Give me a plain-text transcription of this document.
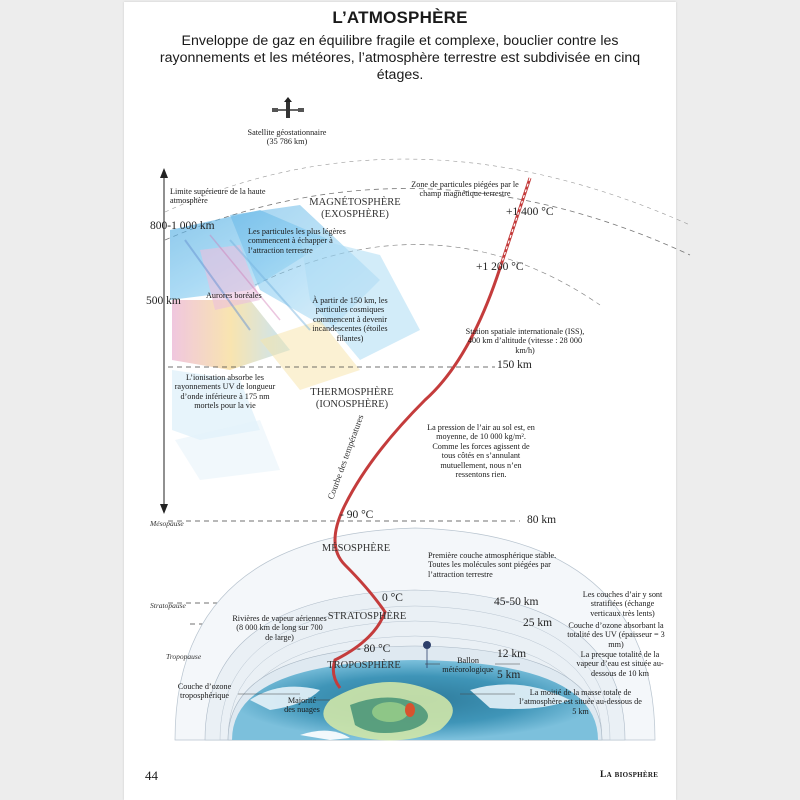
L’ATMOSPHÈRE
Enveloppe de gaz en équilibre fragile et complexe, bouclier contre les rayonnements et les météores, l’atmosphère terrestre est subdivisée en cinq étages.
Courbe des températures
Satellite géostationnaire
(35 786 km)
Limite supérieure de la haute atmosphère
800-1 000 km
500 km
MAGNÉTOSPHÈRE (EXOSPHÈRE)
THERMOSPHÈRE (IONOSPHÈRE)
MÉSOSPHÈRE
STRATOSPHÈRE
TROPOSPHÈRE
Mésopause
Stratopause
Tropopause
150 km
80 km
45-50 km
25 km
12 km
5 km
+1 400 °C
+1 200 °C
- 90 °C
0 °C
- 80 °C
Zone de particules piégées par le champ magnétique terrestre
Les particules les plus légères commencent à échapper à l’attraction terrestre
Aurores boréales
À partir de 150 km, les particules cosmiques commencent à devenir incandescentes (étoiles filantes)
Station spatiale internationale (ISS), 400 km d’altitude (vitesse : 28 000 km/h)
L’ionisation absorbe les rayonnements UV de longueur d’onde inférieure à 175 nm mortels pour la vie
La pression de l’air au sol est, en moyenne, de 10 000 kg/m². Comme les forces agissent de tous côtés en s’annulant mutuellement, nous n’en ressentons rien.
Première couche atmosphérique stable. Toutes les molécules sont piégées par l’attraction terrestre
Les couches d’air y sont stratifiées (échange verticaux très lents)
Couche d’ozone absorbant la totalité des UV (épaisseur = 3 mm)
La presque totalité de la vapeur d’eau est située au-dessous de 10 km
La moitié de la masse totale de l’atmosphère est située au-dessous de 5 km
Rivières de vapeur aériennes (8 000 km de long sur 700 de large)
Ballon météorologique
Couche d’ozone troposphérique
Majorité des nuages
44	La biosphère
